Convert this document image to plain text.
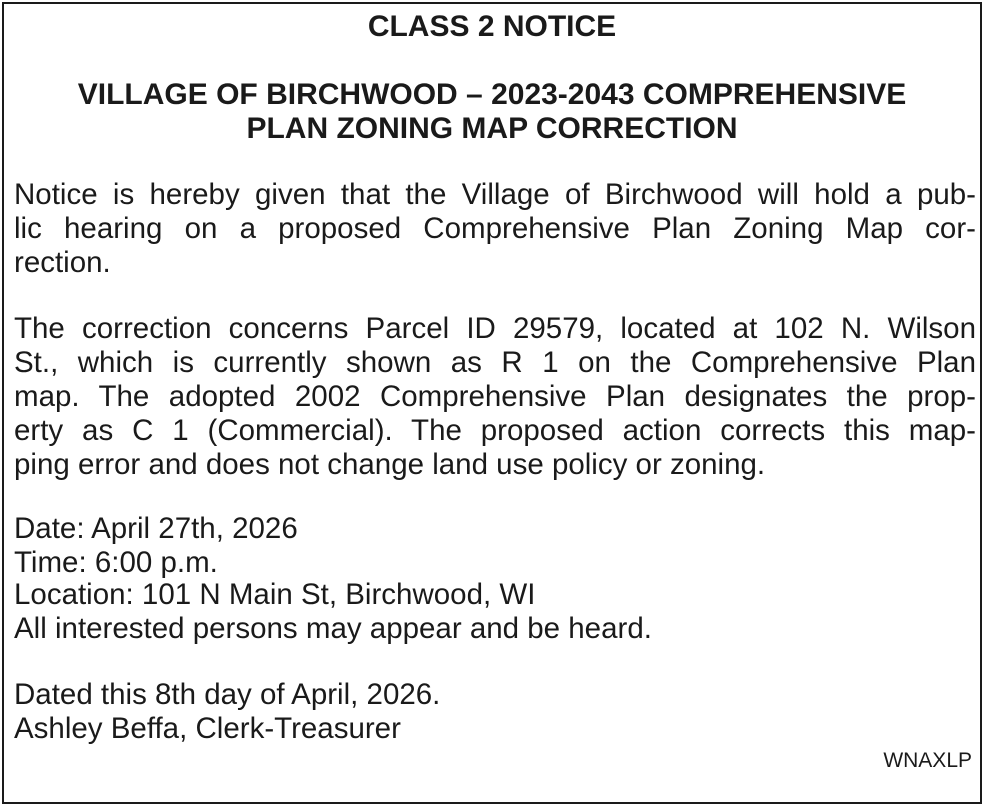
CLASS 2 NOTICE
VILLAGE OF BIRCHWOOD – 2023-2043 COMPREHENSIVE
PLAN ZONING MAP CORRECTION
Notice is hereby given that the Village of Birchwood will hold a pub-
lic hearing on a proposed Comprehensive Plan Zoning Map cor-
rection.
The correction concerns Parcel ID 29579, located at 102 N. Wilson
St., which is currently shown as R 1 on the Comprehensive Plan
map. The adopted 2002 Comprehensive Plan designates the prop-
erty as C 1 (Commercial). The proposed action corrects this map-
ping error and does not change land use policy or zoning.
Date: April 27th, 2026
Time: 6:00 p.m.
Location: 101 N Main St, Birchwood, WI
All interested persons may appear and be heard.
Dated this 8th day of April, 2026.
Ashley Beffa, Clerk-Treasurer
WNAXLP
